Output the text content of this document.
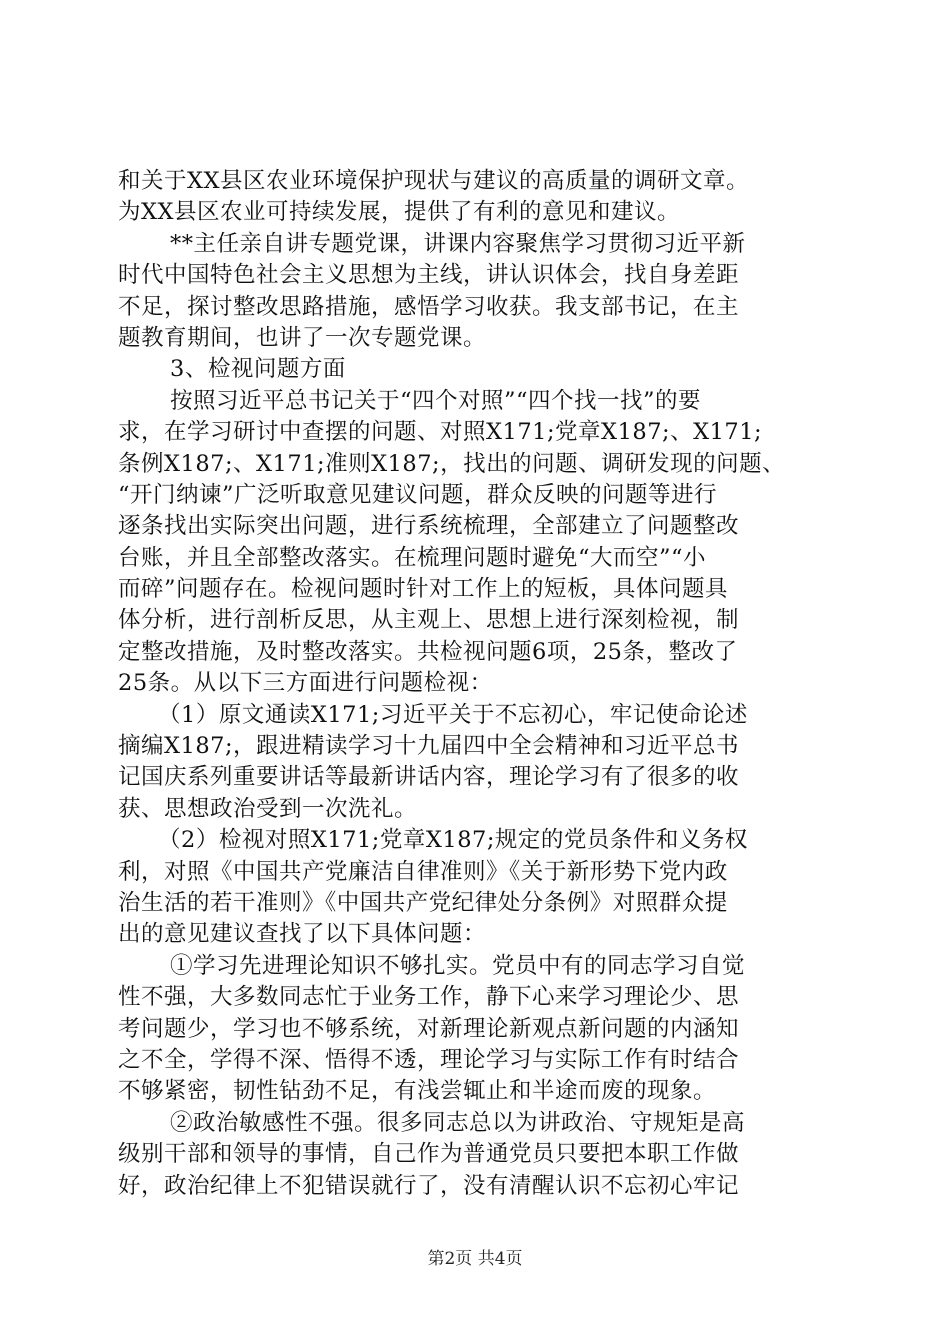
和关于XX县区农业环境保护现状与建议的高质量的调研文章。
为XX县区农业可持续发展，提供了有利的意见和建议。
**主任亲自讲专题党课，讲课内容聚焦学习贯彻习近平新
时代中国特色社会主义思想为主线，讲认识体会，找自身差距
不足，探讨整改思路措施，感悟学习收获。我支部书记，在主
题教育期间，也讲了一次专题党课。
3、检视问题方面
按照习近平总书记关于“四个对照”“四个找一找”的要
求，在学习研讨中查摆的问题、对照X171;党章X187;、X171;
条例X187;、X171;准则X187;，找出的问题、调研发现的问题、
“开门纳谏”广泛听取意见建议问题，群众反映的问题等进行
逐条找出实际突出问题，进行系统梳理，全部建立了问题整改
台账，并且全部整改落实。在梳理问题时避免“大而空”“小
而碎”问题存在。检视问题时针对工作上的短板，具体问题具
体分析，进行剖析反思，从主观上、思想上进行深刻检视，制
定整改措施，及时整改落实。共检视问题6项，25条，整改了
25条。从以下三方面进行问题检视：
（1）原文通读X171;习近平关于不忘初心，牢记使命论述
摘编X187;，跟进精读学习十九届四中全会精神和习近平总书
记国庆系列重要讲话等最新讲话内容，理论学习有了很多的收
获、思想政治受到一次洗礼。
（2）检视对照X171;党章X187;规定的党员条件和义务权
利，对照《中国共产党廉洁自律准则》《关于新形势下党内政
治生活的若干准则》《中国共产党纪律处分条例》对照群众提
出的意见建议查找了以下具体问题：
①学习先进理论知识不够扎实。党员中有的同志学习自觉
性不强，大多数同志忙于业务工作，静下心来学习理论少、思
考问题少，学习也不够系统，对新理论新观点新问题的内涵知
之不全，学得不深、悟得不透，理论学习与实际工作有时结合
不够紧密，韧性钻劲不足，有浅尝辄止和半途而废的现象。
②政治敏感性不强。很多同志总以为讲政治、守规矩是高
级别干部和领导的事情，自己作为普通党员只要把本职工作做
好，政治纪律上不犯错误就行了，没有清醒认识不忘初心牢记
第2页 共4页
